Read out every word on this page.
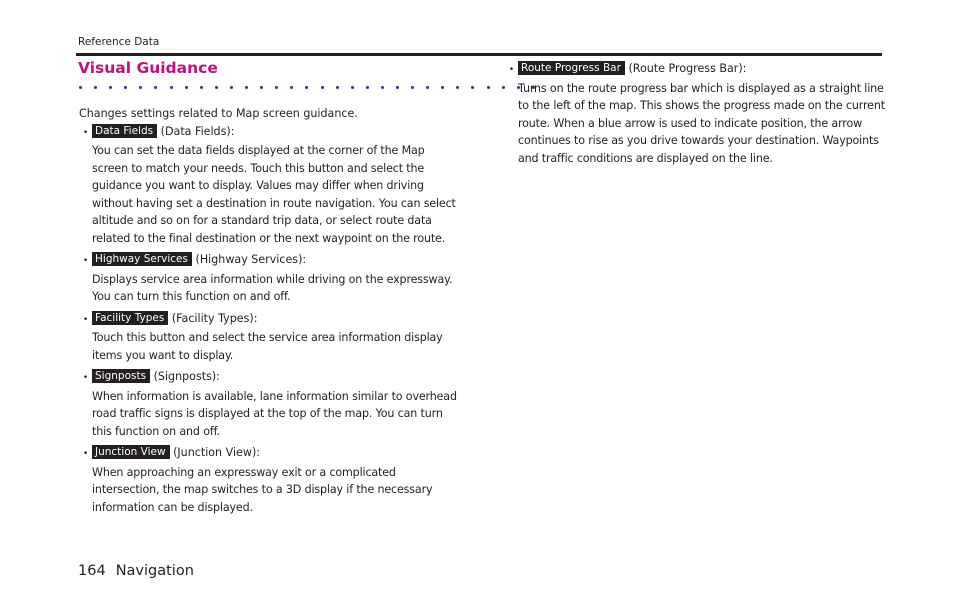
Reference Data
Visual Guidance

Changes settings related to Map screen guidance.

• Data Fields (Data Fields):

You can set the data fields displayed at the corner of the Map screen to match your needs. Touch this button and select the guidance you want to display. Values may differ when driving without having set a destination in route navigation. You can select altitude and so on for a standard trip data, or select route data related to the final destination or the next waypoint on the route.

• Highway Services (Highway Services):

Displays service area information while driving on the expressway. You can turn this function on and off.

• Facility Types (Facility Types):

Touch this button and select the service area information display items you want to display.

• Signposts (Signposts):

When information is available, lane information similar to overhead road traffic signs is displayed at the top of the map. You can turn this function on and off.

• Junction View (Junction View):

When approaching an expressway exit or a complicated intersection, the map switches to a 3D display if the necessary information can be displayed.

• Route Progress Bar (Route Progress Bar):

Turns on the route progress bar which is displayed as a straight line to the left of the map. This shows the progress made on the current route. When a blue arrow is used to indicate position, the arrow continues to rise as you drive towards your destination. Waypoints and traffic conditions are displayed on the line.

164 Navigation
